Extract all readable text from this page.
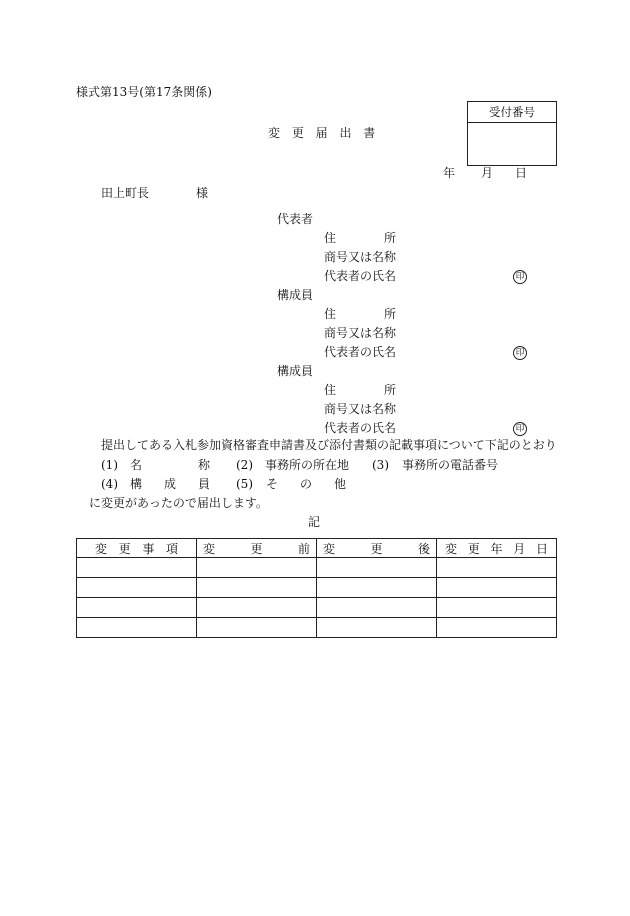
様式第13号(第17条関係)
受付番号
変 更 届 出 書
年 月 日
田上町長	様
代表者
住	所
商号又は名称
代表者の氏名	印
構成員
住	所
商号又は名称
代表者の氏名	印
構成員
住	所
商号又は名称
代表者の氏名	印
提出してある入札参加資格審査申請書及び添付書類の記載事項について下記のとおり
(1) 名	称 (2) 事務所の所在地 (3) 事務所の電話番号
(4) 構 成 員 (5) そ の 他
に変更があったので届出します。
記
変 更 事 項	変 更 前	変 更 後	変 更 年 月 日
